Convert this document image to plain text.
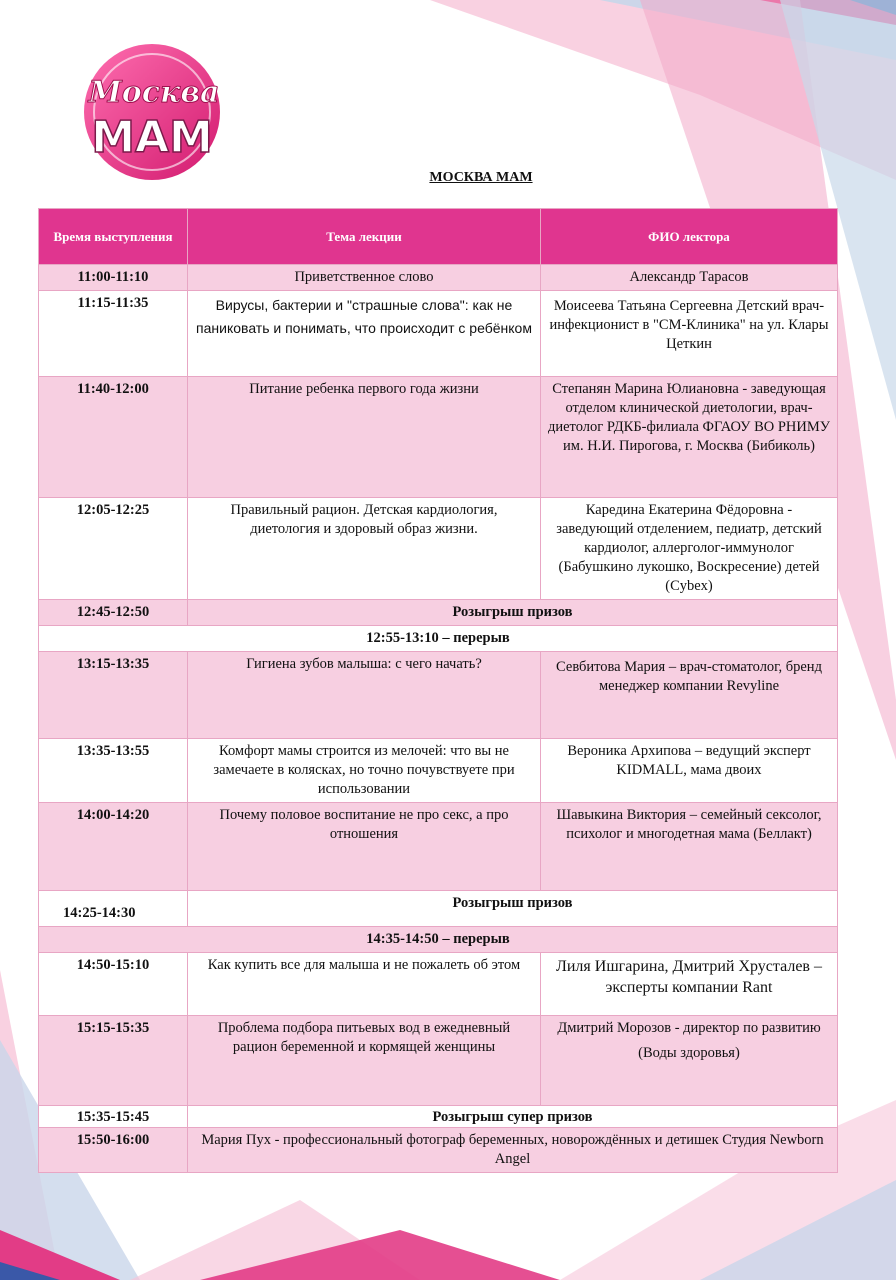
Москва
МАМ
МОСКВА МАМ
Время выступления	Тема лекции	ФИО лектора
11:00-11:10	Приветственное слово	Александр Тарасов
11:15-11:35	Вирусы, бактерии и "страшные слова": как не паниковать и понимать, что происходит с ребёнком	Моисеева Татьяна Сергеевна Детский врач-инфекционист в "СМ-Клиника" на ул. Клары Цеткин
11:40-12:00	Питание ребенка первого года жизни	Степанян Марина Юлиановна - заведующая отделом клинической диетологии, врач-диетолог РДКБ-филиала ФГАОУ ВО РНИМУ им. Н.И. Пирогова, г. Москва (Бибиколь)
12:05-12:25	Правильный рацион. Детская кардиология, диетология и здоровый образ жизни.	Карeдина Екатерина Фёдоровна - заведующий отделением, педиатр, детский кардиолог, аллерголог-иммунолог (Бабушкино лукошко, Воскресение) детей (Cybex)
12:45-12:50	Розыгрыш призов	
12:55-13:10 – перерыв		
13:15-13:35	Гигиена зубов малыша: с чего начать?	Севбитова Мария – врач-стоматолог, бренд менеджер компании Revyline
13:35-13:55	Комфорт мамы строится из мелочей: что вы не замечаете в колясках, но точно почувствуете при использовании	Вероника Архипова – ведущий эксперт KIDMALL, мама двоих
14:00-14:20	Почему половое воспитание не про секс, а про отношения	Шавыкина Виктория – семейный сексолог, психолог и многодетная мама (Беллакт)
14:25-14:30	Розыгрыш призов	
14:35-14:50 – перерыв		
14:50-15:10	Как купить все для малыша и не пожалеть об этом	Лиля Ишгарина, Дмитрий Хрусталев – эксперты компании Rant
15:15-15:35	Проблема подбора питьевых вод в ежедневный рацион беременной и кормящей женщины	Дмитрий Морозов - директор по развитию
(Воды здоровья)

15:35-15:45	Розыгрыш супер призов	
15:50-16:00	Мария Пух - профессиональный фотограф беременных, новорождённых и детишек Студия Newborn Angel	
